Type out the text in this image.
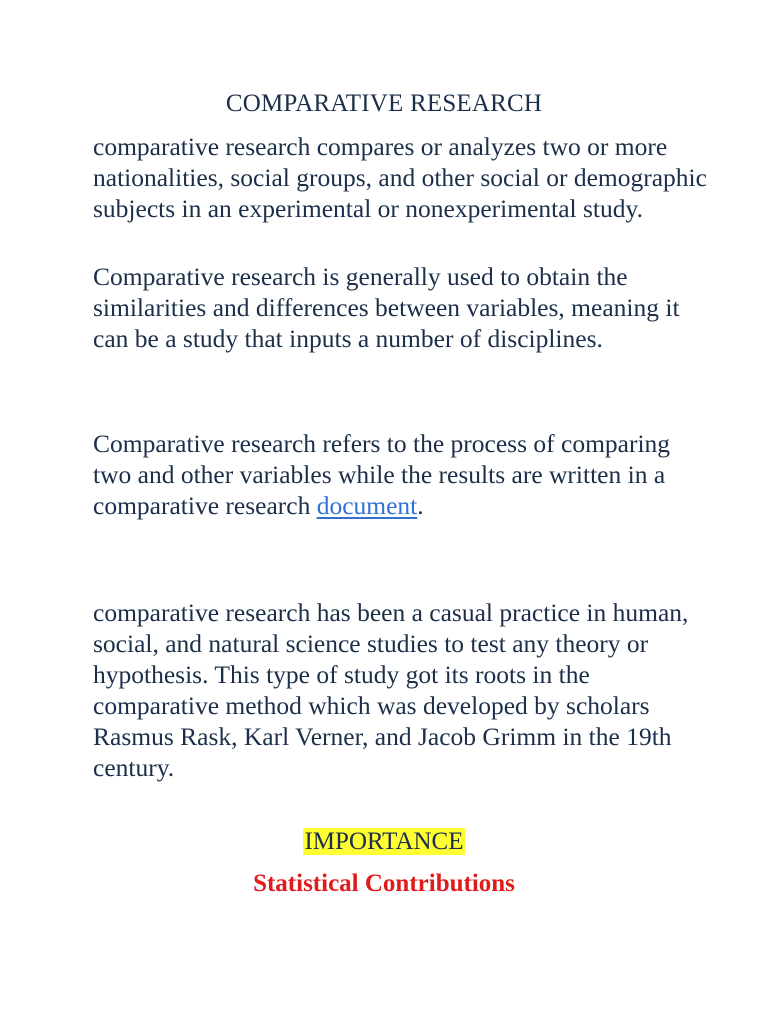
COMPARATIVE RESEARCH

comparative research compares or analyzes two or more nationalities, social groups, and other social or demographic subjects in an experimental or nonexperimental study.

Comparative research is generally used to obtain the similarities and differences between variables, meaning it can be a study that inputs a number of disciplines.

Comparative research refers to the process of comparing two and other variables while the results are written in a comparative research document.

comparative research has been a casual practice in human, social, and natural science studies to test any theory or hypothesis. This type of study got its roots in the comparative method which was developed by scholars Rasmus Rask, Karl Verner, and Jacob Grimm in the 19th century.

IMPORTANCE
Statistical Contributions
